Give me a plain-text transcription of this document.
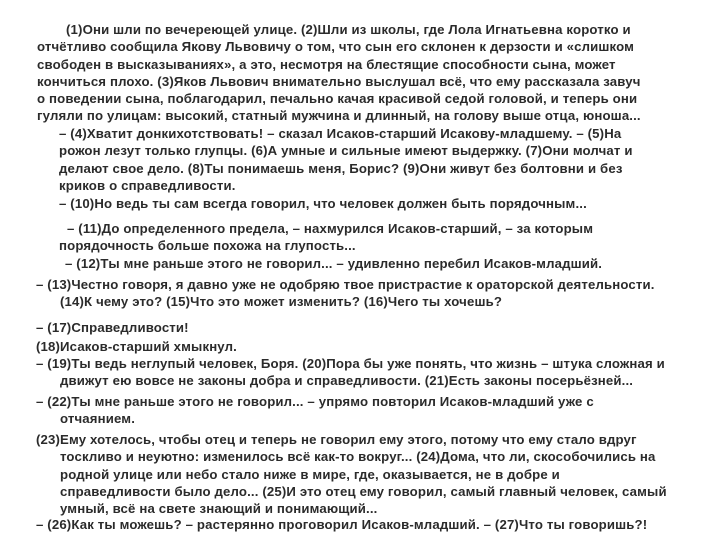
(1)Они шли по вечереющей улице. (2)Шли из школы, где Лола Игнатьевна коротко и
отчётливо сообщила Якову Львовичу о том, что сын его склонен к дерзости и «слишком
свободен в высказываниях», а это, несмотря на блестящие способности сына, может
кончиться плохо. (3)Яков Львович внимательно выслушал всё, что ему рассказала завуч
о поведении сына, поблагодарил, печально качая красивой седой головой, и теперь они
гуляли по улицам: высокий, статный мужчина и длинный, на голову выше отца, юноша...
– (4)Хватит донкихотствовать! – сказал Исаков-старший Исакову-младшему. – (5)На
рожон лезут только глупцы. (6)А умные и сильные имеют выдержку. (7)Они молчат и
делают свое дело. (8)Ты понимаешь меня, Борис? (9)Они живут без болтовни и без
криков о справедливости.
– (10)Но ведь ты сам всегда говорил, что человек должен быть порядочным...
– (11)До определенного предела, – нахмурился Исаков-старший, – за которым
порядочность больше похожа на глупость...
– (12)Ты мне раньше этого не говорил... – удивленно перебил Исаков-младший.
– (13)Честно говоря, я давно уже не одобряю твое пристрастие к ораторской деятельности.
(14)К чему это? (15)Что это может изменить? (16)Чего ты хочешь?
– (17)Справедливости!
(18)Исаков-старший хмыкнул.
– (19)Ты ведь неглупый человек, Боря. (20)Пора бы уже понять, что жизнь – штука сложная и
движут ею вовсе не законы добра и справедливости. (21)Есть законы посерьёзней...
– (22)Ты мне раньше этого не говорил... – упрямо повторил Исаков-младший уже с
отчаянием.
(23)Ему хотелось, чтобы отец и теперь не говорил ему этого, потому что ему стало вдруг
тоскливо и неуютно: изменилось всё как-то вокруг... (24)Дома, что ли, скособочились на
родной улице или небо стало ниже в мире, где, оказывается, не в добре и
справедливости было дело... (25)И это отец ему говорил, самый главный человек, самый
умный, всё на свете знающий и понимающий...
– (26)Как ты можешь? – растерянно проговорил Исаков-младший. – (27)Что ты говоришь?!
